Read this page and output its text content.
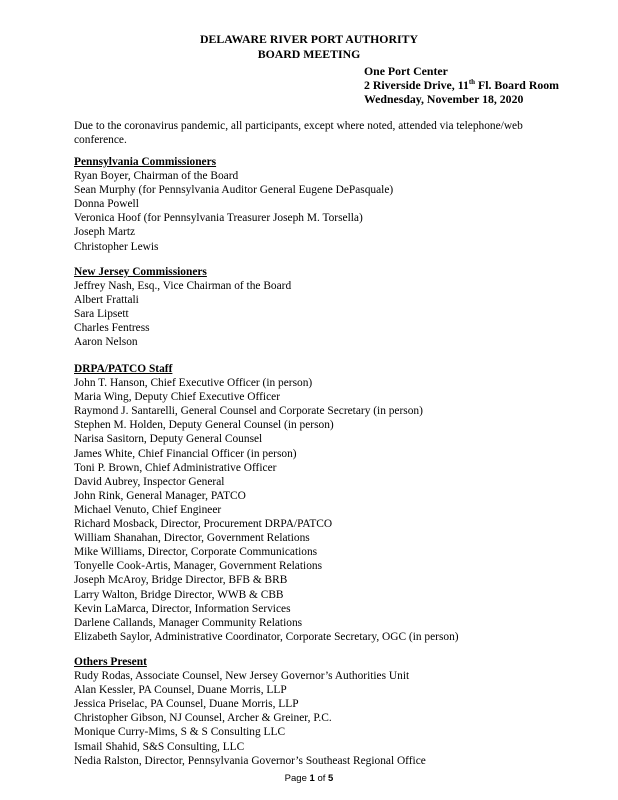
DELAWARE RIVER PORT AUTHORITY
BOARD MEETING
One Port Center
2 Riverside Drive, 11th Fl. Board Room
Wednesday, November 18, 2020
Due to the coronavirus pandemic, all participants, except where noted, attended via telephone/web conference.
Pennsylvania Commissioners
Ryan Boyer, Chairman of the Board
Sean Murphy (for Pennsylvania Auditor General Eugene DePasquale)
Donna Powell
Veronica Hoof (for Pennsylvania Treasurer Joseph M. Torsella)
Joseph Martz
Christopher Lewis
New Jersey Commissioners
Jeffrey Nash, Esq., Vice Chairman of the Board
Albert Frattali
Sara Lipsett
Charles Fentress
Aaron Nelson
DRPA/PATCO Staff
John T. Hanson, Chief Executive Officer (in person)
Maria Wing, Deputy Chief Executive Officer
Raymond J. Santarelli, General Counsel and Corporate Secretary (in person)
Stephen M. Holden, Deputy General Counsel (in person)
Narisa Sasitorn, Deputy General Counsel
James White, Chief Financial Officer (in person)
Toni P. Brown, Chief Administrative Officer
David Aubrey, Inspector General
John Rink, General Manager, PATCO
Michael Venuto, Chief Engineer
Richard Mosback, Director, Procurement DRPA/PATCO
William Shanahan, Director, Government Relations
Mike Williams, Director, Corporate Communications
Tonyelle Cook-Artis, Manager, Government Relations
Joseph McAroy, Bridge Director, BFB & BRB
Larry Walton, Bridge Director, WWB & CBB
Kevin LaMarca, Director, Information Services
Darlene Callands, Manager Community Relations
Elizabeth Saylor, Administrative Coordinator, Corporate Secretary, OGC (in person)
Others Present
Rudy Rodas, Associate Counsel, New Jersey Governor’s Authorities Unit
Alan Kessler, PA Counsel, Duane Morris, LLP
Jessica Priselac, PA Counsel, Duane Morris, LLP
Christopher Gibson, NJ Counsel, Archer & Greiner, P.C.
Monique Curry-Mims, S & S Consulting LLC
Ismail Shahid, S&S Consulting, LLC
Nedia Ralston, Director, Pennsylvania Governor’s Southeast Regional Office
Page 1 of 5
